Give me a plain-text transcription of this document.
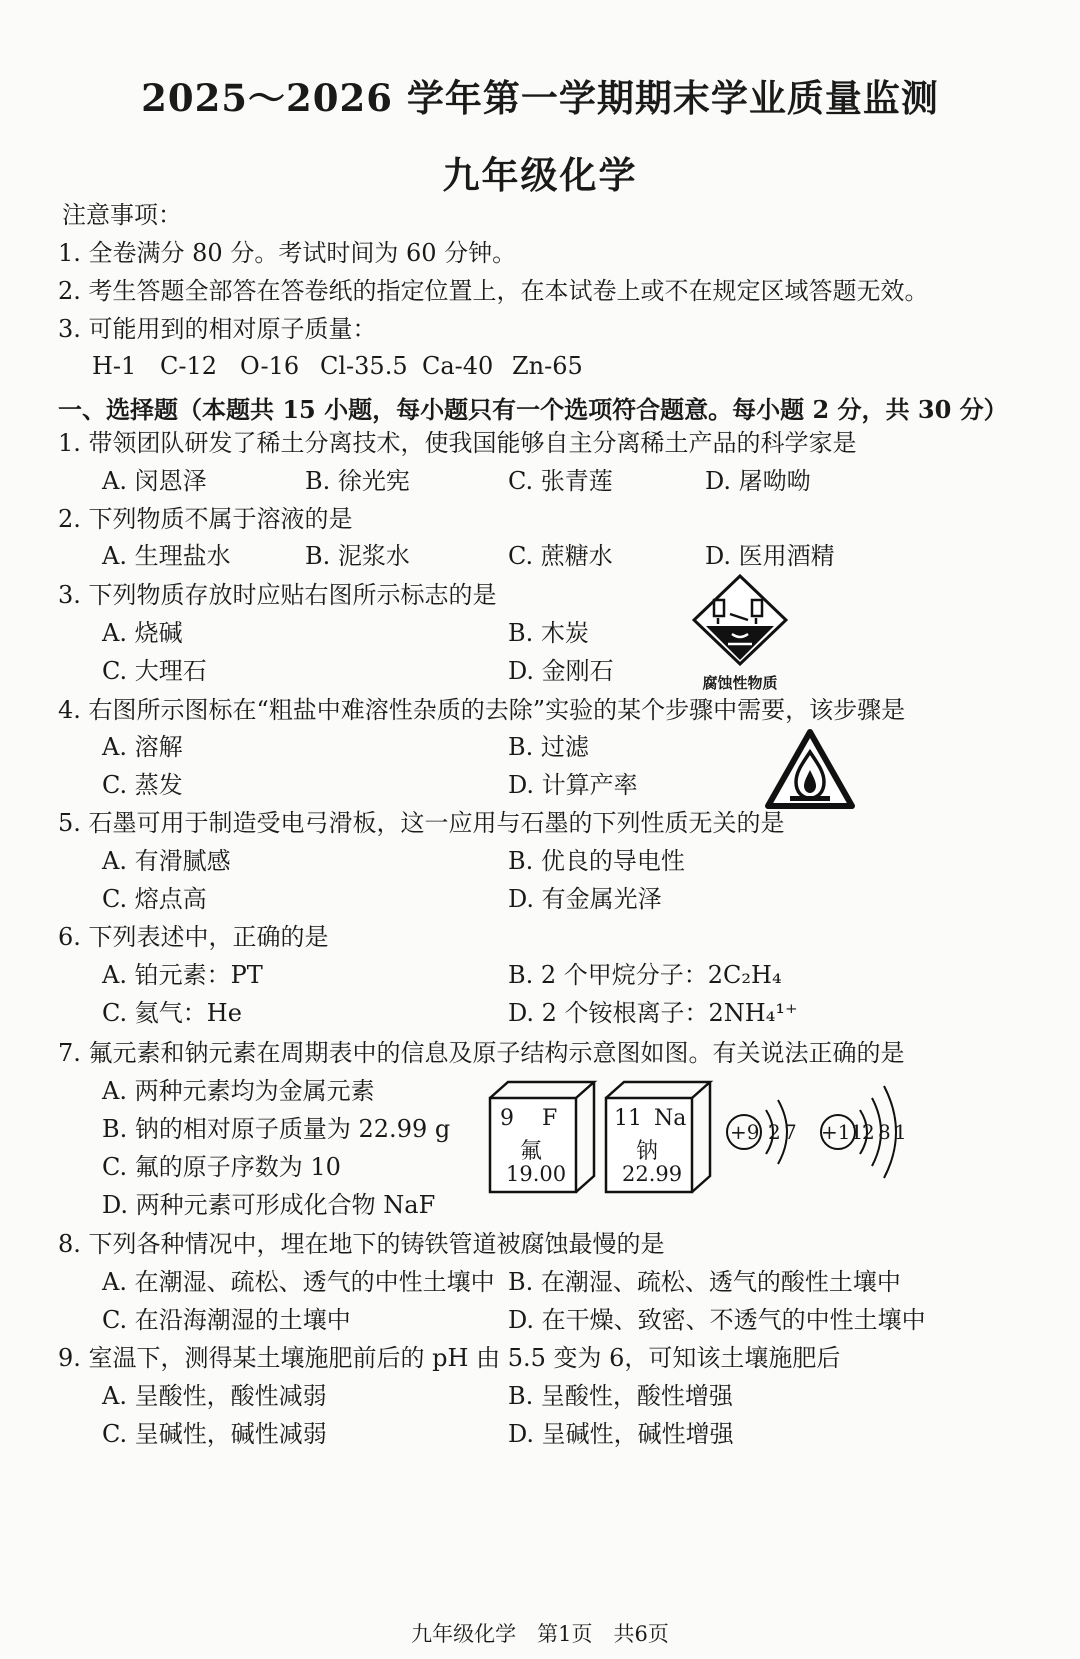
2025～2026 学年第一学期期末学业质量监测
九年级化学
注意事项：
1. 全卷满分 80 分。考试时间为 60 分钟。
2. 考生答题全部答在答卷纸的指定位置上，在本试卷上或不在规定区域答题无效。
3. 可能用到的相对原子质量：
H-1 C-12 O-16 Cl-35.5 Ca-40 Zn-65
一、选择题（本题共 15 小题，每小题只有一个选项符合题意。每小题 2 分，共 30 分）
1. 带领团队研发了稀土分离技术，使我国能够自主分离稀土产品的科学家是
A. 闵恩泽	B. 徐光宪	C. 张青莲	D. 屠呦呦
2. 下列物质不属于溶液的是
A. 生理盐水	B. 泥浆水	C. 蔗糖水	D. 医用酒精
3. 下列物质存放时应贴右图所示标志的是
A. 烧碱	B. 木炭
C. 大理石	D. 金刚石	腐蚀性物质
4. 右图所示图标在“粗盐中难溶性杂质的去除”实验的某个步骤中需要，该步骤是
A. 溶解	B. 过滤
C. 蒸发	D. 计算产率
5. 石墨可用于制造受电弓滑板，这一应用与石墨的下列性质无关的是
A. 有滑腻感	B. 优良的导电性
C. 熔点高	D. 有金属光泽
6. 下列表述中，正确的是
A. 铂元素：PT	B. 2 个甲烷分子：2C₂H₄
C. 氦气：He	D. 2 个铵根离子：2NH₄¹⁺
7. 氟元素和钠元素在周期表中的信息及原子结构示意图如图。有关说法正确的是
A. 两种元素均为金属元素
B. 钠的相对原子质量为 22.99 g
C. 氟的原子序数为 10
D. 两种元素可形成化合物 NaF
9 F
氟
19.00
11 Na
钠
22.99
+9 2 7 +11
2 8 1
8. 下列各种情况中，埋在地下的铸铁管道被腐蚀最慢的是
A. 在潮湿、疏松、透气的中性土壤中 B. 在潮湿、疏松、透气的酸性土壤中
C. 在沿海潮湿的土壤中	D. 在干燥、致密、不透气的中性土壤中
9. 室温下，测得某土壤施肥前后的 pH 由 5.5 变为 6，可知该土壤施肥后
A. 呈酸性，酸性减弱	B. 呈酸性，酸性增强
C. 呈碱性，碱性减弱	D. 呈碱性，碱性增强
九年级化学　第1页　共6页
